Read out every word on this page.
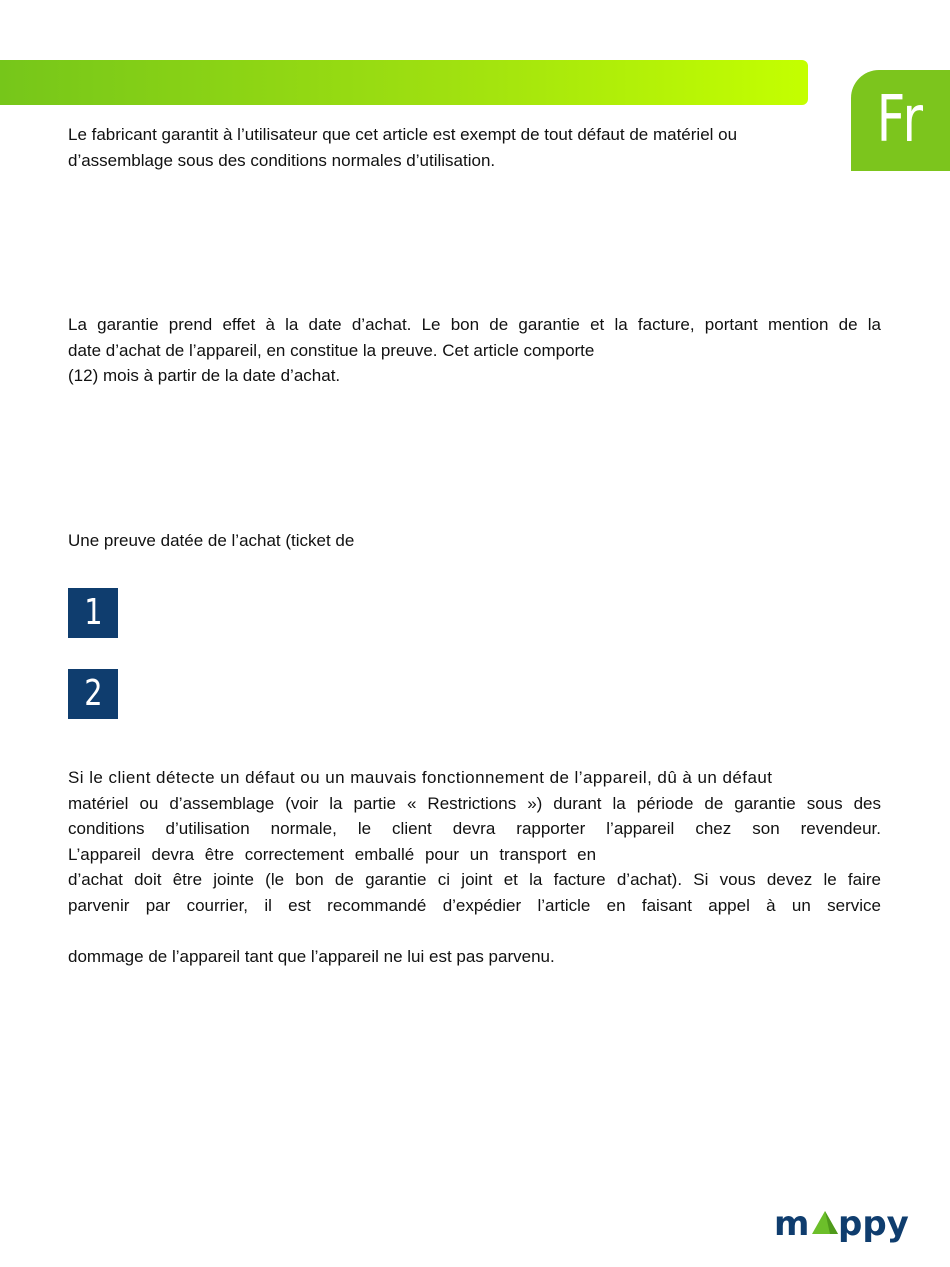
Fr
Le fabricant garantit à l’utilisateur que cet article est exempt de tout défaut de matériel ou
d’assemblage sous des conditions normales d’utilisation.
La garantie prend effet à la date d’achat. Le bon de garantie et la facture, portant mention de la
date d’achat de l’appareil, en constitue la preuve. Cet article comporte
(12) mois à partir de la date d’achat.
Une preuve datée de l’achat (ticket de
1
2
Si le client détecte un défaut ou un mauvais fonctionnement de l’appareil, dû à un défaut
matériel ou d’assemblage (voir la partie « Restrictions ») durant la période de garantie sous des
conditions d’utilisation normale, le client devra rapporter l’appareil chez son revendeur.
L’appareil devra être correctement emballé pour un transport en
d’achat doit être jointe (le bon de garantie ci joint et la facture d’achat). Si vous devez le faire
parvenir par courrier, il est recommandé d’expédier l’article en faisant appel à un service
dommage de l’appareil tant que l’appareil ne lui est pas parvenu.
m ppy
